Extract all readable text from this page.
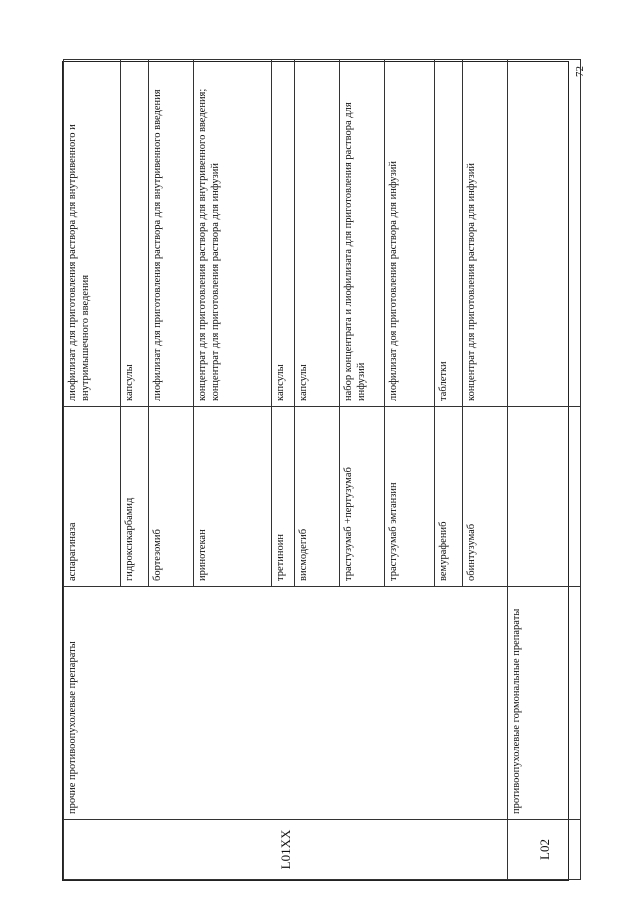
72
L01XX	прочие противоопухолевые препараты	аспарагиназа	лиофилизат для приготовления раствора для внутривенного и внутримышечного введения
		гидроксикарбамид	капсулы
		бортезомиб	лиофилизат для приготовления раствора для внутривенного введения
		иринотекан	концентрат для приготовления раствора для внутривенного введения;
концентрат для приготовления раствора для инфузий
		третиноин	капсулы
		висмодегиб	капсулы
		трастузумаб +пертузумаб	набор концентрата и лиофилизата для приготовления раствора для инфузий
		трастузумаб эмтанзин	лиофилизат доя приготовления раствора для инфузий
		вемурафениб	таблетки
		обинтузумаб	концентрат для приготовления раствора для инфузий
L02	противоопухолевые гормональные препараты		
